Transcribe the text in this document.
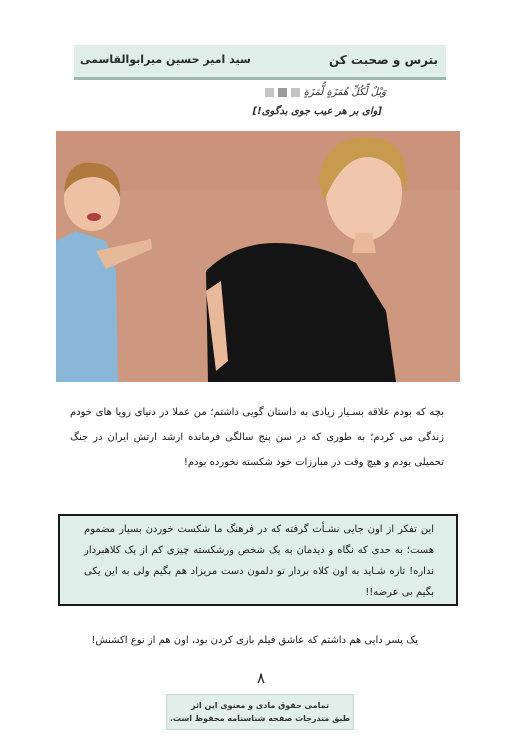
بترس و صحبت کن
سید امیر حسین میرابوالقاسمی
وَيْلٌ لِّكُلِّ هُمَزَةٍ لُّمَزَةٍ
[وای بر هر عیب جوی بدگوی!]
بچه که بودم علاقه بسـیار زیادی به داستان گویی داشتم؛ من عملا در دنیای رویا های خودم زندگی می کردم؛ به طوری که در سن پنج سالگی فرمانده ارشد ارتش ایران در جنگ تحمیلی بودم و هیچ وقت در مبارزات خود شکسته نخورده بودم!
این تفکر از اون جایی نشـأت گرفته که در فرهنگ ما شکست خوردن بسیار مضموم هست؛ به حدی که نگاه و دیدمان به یک شخص ورشکسته چیزی کم از یک کلاهبردار نداره! تازه شـاید به اون کلاه بردار تو دلمون دست مریزاد هم بگیم ولی به این یکی بگیم بی عرضه!!
یک پسر دایی هم داشتم که عاشق فیلم بازی کردن بود، اون هم از نوع اکشنش!
۸
تمامی حقوق مادی و معنوی این اثر
طبق مندرجات صفحه شناسنامه محفوظ است.
